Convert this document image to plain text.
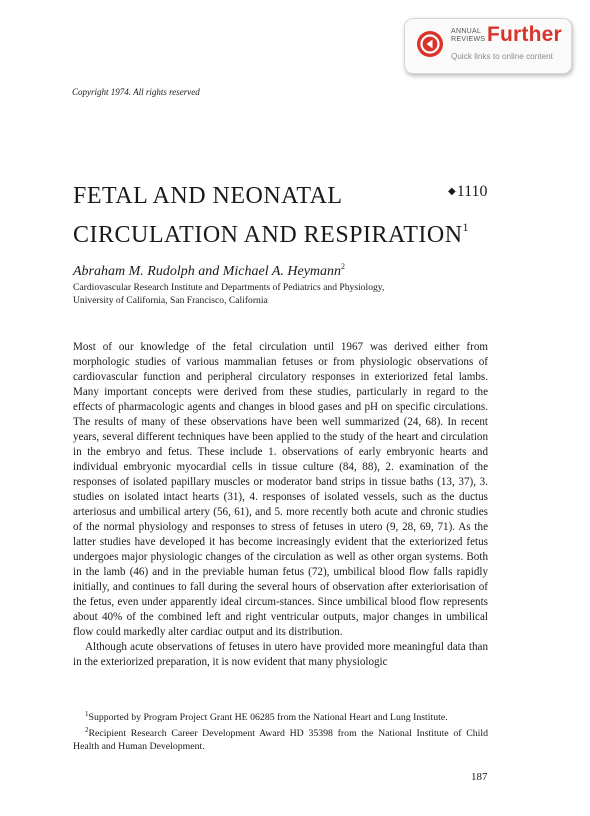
ANNUAL
REVIEWS Further
Quick links to online content
Copyright 1974. All rights reserved
FETAL AND NEONATAL
CIRCULATION AND RESPIRATION$^1$
◆1110
Abraham M. Rudolph and Michael A. Heymann$^2$
Cardiovascular Research Institute and Departments of Pediatrics and Physiology,
University of California, San Francisco, California

Most of our knowledge of the fetal circulation until 1967 was derived either from morphologic studies of various mammalian fetuses or from physiologic observations of cardiovascular function and peripheral circulatory responses in exteriorized fetal lambs. Many important concepts were derived from these studies, particularly in regard to the effects of pharmacologic agents and changes in blood gases and pH on specific circulations. The results of many of these observations have been well summarized (24, 68). In recent years, several different techniques have been applied to the study of the heart and circulation in the embryo and fetus. These include 1. observations of early embryonic hearts and individual embryonic myocardial cells in tissue culture (84, 88), 2. examination of the responses of isolated papillary muscles or moderator band strips in tissue baths (13, 37), 3. studies on isolated intact hearts (31), 4. responses of isolated vessels, such as the ductus arteriosus and umbilical artery (56, 61), and 5. more recently both acute and chronic studies of the normal physiology and responses to stress of fetuses in utero (9, 28, 69, 71). As the latter studies have developed it has become increasingly evident that the exteriorized fetus undergoes major physiologic changes of the circulation as well as other organ systems. Both in the lamb (46) and in the previable human fetus (72), umbilical blood flow falls rapidly initially, and continues to fall during the several hours of observation after exteriorisation of the fetus, even under apparently ideal circum-stances. Since umbilical blood flow represents about 40% of the combined left and right ventricular outputs, major changes in umbilical flow could markedly alter cardiac output and its distribution.

Although acute observations of fetuses in utero have provided more meaningful data than in the exteriorized preparation, it is now evident that many physiologic

$^1$Supported by Program Project Grant HE 06285 from the National Heart and Lung Institute.

$^2$Recipient Research Career Development Award HD 35398 from the National Institute of Child Health and Human Development.

187
